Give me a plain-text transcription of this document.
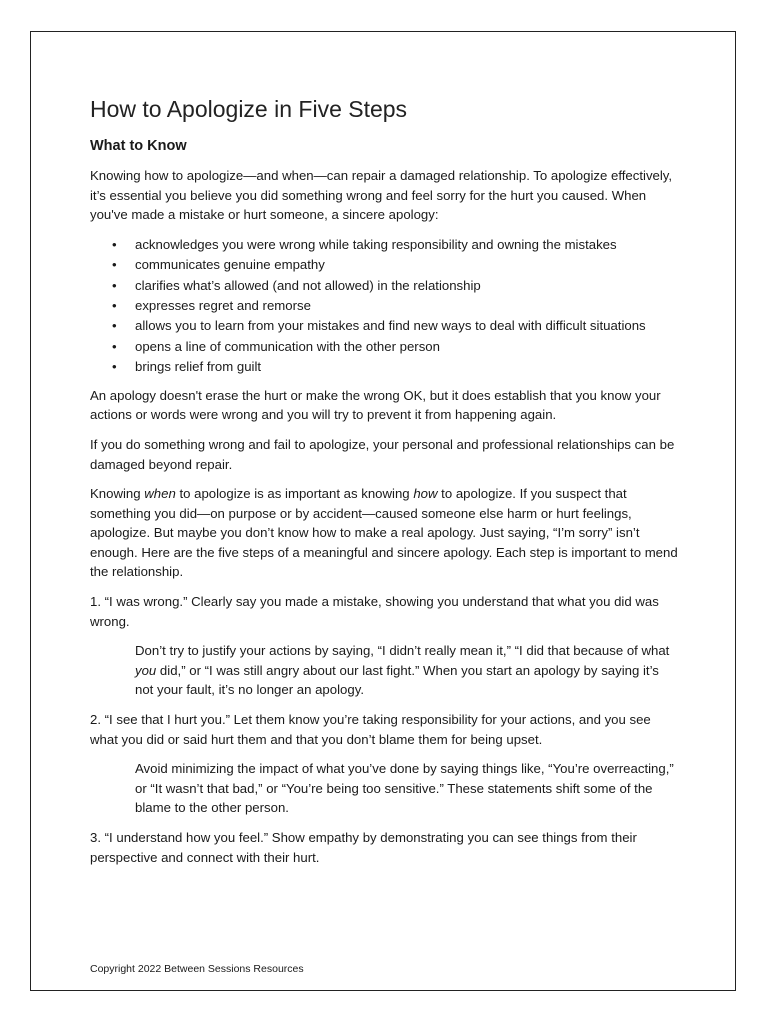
How to Apologize in Five Steps
What to Know

Knowing how to apologize—and when—can repair a damaged relationship. To apologize effectively, it’s essential you believe you did something wrong and feel sorry for the hurt you caused. When you've made a mistake or hurt someone, a sincere apology:

• acknowledges you were wrong while taking responsibility and owning the mistakes
• communicates genuine empathy
• clarifies what’s allowed (and not allowed) in the relationship
• expresses regret and remorse
• allows you to learn from your mistakes and find new ways to deal with difficult situations
• opens a line of communication with the other person
• brings relief from guilt

An apology doesn't erase the hurt or make the wrong OK, but it does establish that you know your actions or words were wrong and you will try to prevent it from happening again.

If you do something wrong and fail to apologize, your personal and professional relationships can be damaged beyond repair.

Knowing when to apologize is as important as knowing how to apologize. If you suspect that something you did—on purpose or by accident—caused someone else harm or hurt feelings, apologize. But maybe you don’t know how to make a real apology. Just saying, “I’m sorry” isn’t enough. Here are the five steps of a meaningful and sincere apology. Each step is important to mend the relationship.

1. “I was wrong.” Clearly say you made a mistake, showing you understand that what you did was wrong.

Don’t try to justify your actions by saying, “I didn’t really mean it,” “I did that because of what you did,” or “I was still angry about our last fight.” When you start an apology by saying it’s not your fault, it’s no longer an apology.

2. “I see that I hurt you.” Let them know you’re taking responsibility for your actions, and you see what you did or said hurt them and that you don’t blame them for being upset.

Avoid minimizing the impact of what you’ve done by saying things like, “You’re overreacting,” or “It wasn’t that bad,” or “You’re being too sensitive.” These statements shift some of the blame to the other person.

3. “I understand how you feel.” Show empathy by demonstrating you can see things from their perspective and connect with their hurt.

Copyright 2022 Between Sessions Resources
